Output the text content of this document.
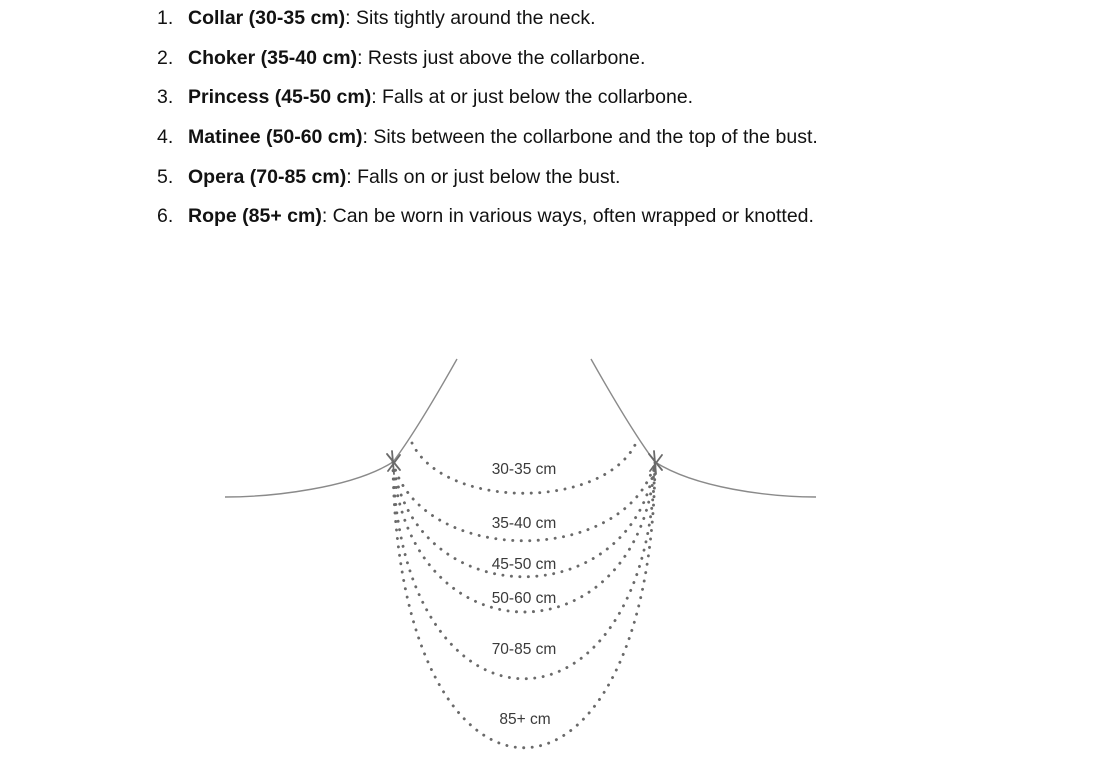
1. Collar (30-35 cm): Sits tightly around the neck.
2. Choker (35-40 cm): Rests just above the collarbone.
3. Princess (45-50 cm): Falls at or just below the collarbone.
4. Matinee (50-60 cm): Sits between the collarbone and the top of the bust.
5. Opera (70-85 cm): Falls on or just below the bust.
6. Rope (85+ cm): Can be worn in various ways, often wrapped or knotted.
30-35 cm
35-40 cm
45-50 cm
50-60 cm
70-85 cm
85+ cm
